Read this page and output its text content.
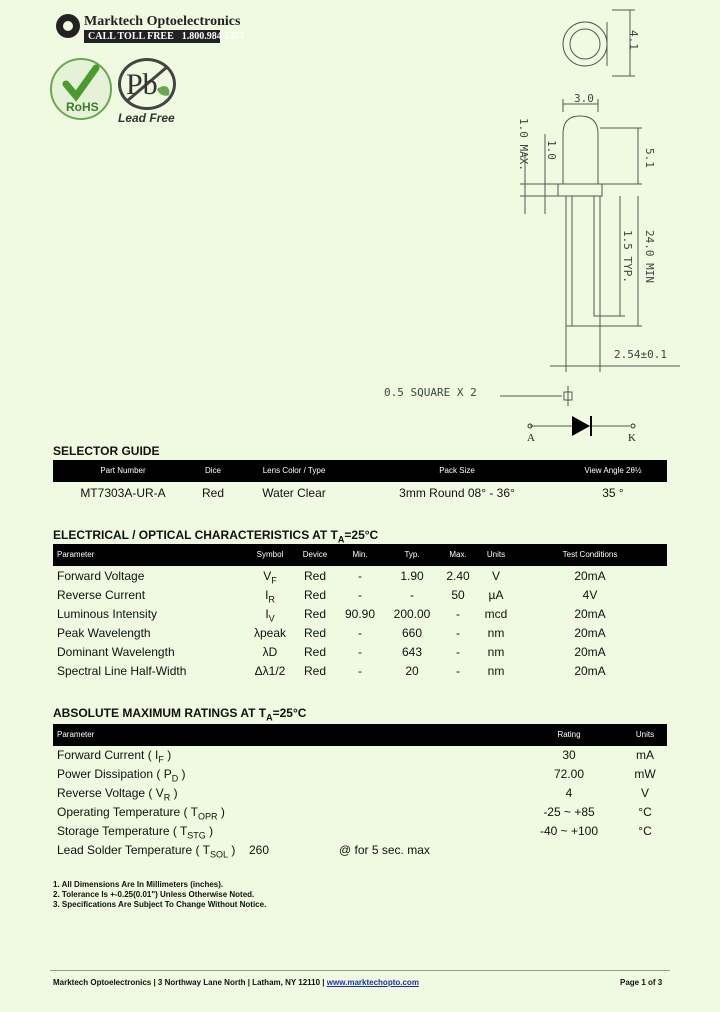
Marktech Optoelectronics
CALL TOLL FREE 1.800.984.5337
RoHS
Pb
Lead Free
4.1
3.0
1.0 MAX. 1.0	5.1
24.0 MIN
1.5 TYP.
2.54±0.1
0.5 SQUARE X 2
A	K
SELECTOR GUIDE
Part Number	Dice	Lens Color / Type	Pack Size	View Angle 2θ½
MT7303A-UR-A	Red	Water Clear	3mm Round 08° - 36°	35 °
ELECTRICAL / OPTICAL CHARACTERISTICS AT $T_A=25^\circ C$
Parameter	Symbol	Device	Min.	Typ.	Max.	Units	Test Conditions
Forward Voltage	$V_F$	Red	-	1.90	2.40	V	20mA
Reverse Current	$I_R$	Red	-	-	50	µA	4V
Luminous Intensity	$I_V$	Red	90.90	200.00	-	mcd	20mA
Peak Wavelength	λpeak	Red	-	660	-	nm	20mA
Dominant Wavelength	λD	Red	-	643	-	nm	20mA
Spectral Line Half-Width	Δλ1/2	Red	-	20	-	nm	20mA
ABSOLUTE MAXIMUM RATINGS AT $T_A=25^\circ C$
Parameter	Rating	Units
Forward Current ( $I_F$ )	30	mA
Power Dissipation ( $P_D$ )	72.00	mW
Reverse Voltage ( $V_R$ )	4	V
Operating Temperature ( $T_{OPR}$ )	-25 ~ +85	°C
Storage Temperature ( $T_{STG}$ )	-40 ~ +100	°C
Lead Solder Temperature ( $T_{SOL}$ )	260	@ for 5 sec. max
1. All Dimensions Are In Millimeters (inches).
2. Tolerance Is +-0.25(0.01") Unless Otherwise Noted.
3. Specifications Are Subject To Change Without Notice.
Marktech Optoelectronics | 3 Northway Lane North | Latham, NY 12110 | www.marktechopto.com	Page 1 of 3
